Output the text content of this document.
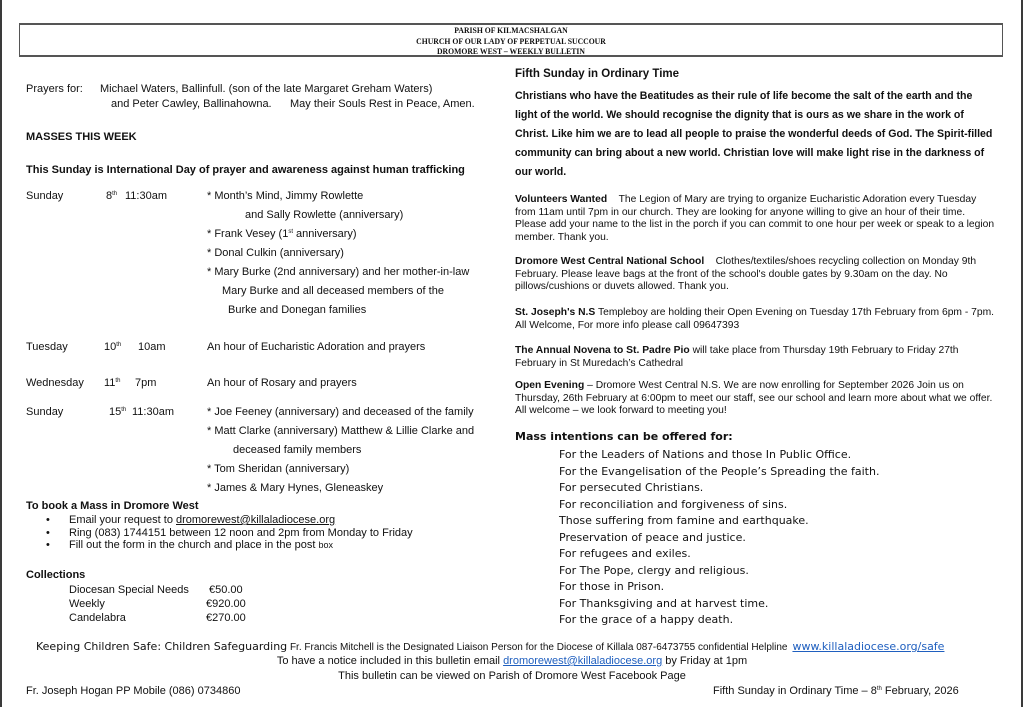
PARISH OF KILMACSHALGAN
CHURCH OF OUR LADY OF PERPETUAL SUCCOUR
DROMORE WEST – WEEKLY BULLETIN
Prayers for: Michael Waters, Ballinfull. (son of the late Margaret Greham Waters)
and Peter Cawley, Ballinahowna. May their Souls Rest in Peace, Amen.
MASSES THIS WEEK
This Sunday is International Day of prayer and awareness against human trafficking
Sunday	8th 11:30am	* Month’s Mind, Jimmy Rowlette
and Sally Rowlette (anniversary)
* Frank Vesey (1st anniversary)
* Donal Culkin (anniversary)
* Mary Burke (2nd anniversary) and her mother-in-law
Mary Burke and all deceased members of the
Burke and Donegan families
Tuesday	10th 10am	An hour of Eucharistic Adoration and prayers
Wednesday 11th 7pm	An hour of Rosary and prayers
Sunday	15th 11:30am	* Joe Feeney (anniversary) and deceased of the family
* Matt Clarke (anniversary) Matthew & Lillie Clarke and
deceased family members
* Tom Sheridan (anniversary)
* James & Mary Hynes, Gleneaskey
To book a Mass in Dromore West
• Email your request to dromorewest@killaladiocese.org
• Ring (083) 1744151 between 12 noon and 2pm from Monday to Friday
• Fill out the form in the church and place in the post box
Collections
Diocesan Special Needs €50.00
Weekly	€920.00
Candelabra	€270.00
Fifth Sunday in Ordinary Time
Christians who have the Beatitudes as their rule of life become the salt of the earth and the light of the world. We should recognise the dignity that is ours as we share in the work of Christ. Like him we are to lead all people to praise the wonderful deeds of God. The Spirit-filled community can bring about a new world. Christian love will make light rise in the darkness of our world.
Volunteers Wanted The Legion of Mary are trying to organize Eucharistic Adoration every Tuesday from 11am until 7pm in our church. They are looking for anyone willing to give an hour of their time. Please add your name to the list in the porch if you can commit to one hour per week or speak to a legion member. Thank you.
Dromore West Central National School Clothes/textiles/shoes recycling collection on Monday 9th February. Please leave bags at the front of the school's double gates by 9.30am on the day. No pillows/cushions or duvets allowed. Thank you.
St. Joseph's N.S Templeboy are holding their Open Evening on Tuesday 17th February from 6pm - 7pm. All Welcome, For more info please call 09647393
The Annual Novena to St. Padre Pio will take place from Thursday 19th February to Friday 27th February in St Muredach’s Cathedral
Open Evening – Dromore West Central N.S. We are now enrolling for September 2026 Join us on Thursday, 26th February at 6:00pm to meet our staff, see our school and learn more about what we offer. All welcome – we look forward to meeting you!
Mass intentions can be offered for:
For the Leaders of Nations and those In Public Office.
For the Evangelisation of the People’s Spreading the faith.
For persecuted Christians.
For reconciliation and forgiveness of sins.
Those suffering from famine and earthquake.
Preservation of peace and justice.
For refugees and exiles.
For The Pope, clergy and religious.
For those in Prison.
For Thanksgiving and at harvest time.
For the grace of a happy death.
Keeping Children Safe: Children Safeguarding Fr. Francis Mitchell is the Designated Liaison Person for the Diocese of Killala 087-6473755 confidential Helpline www.killaladiocese.org/safe
To have a notice included in this bulletin email dromorewest@killaladiocese.org by Friday at 1pm
This bulletin can be viewed on Parish of Dromore West Facebook Page
Fr. Joseph Hogan PP Mobile (086) 0734860	Fifth Sunday in Ordinary Time – 8th February, 2026
